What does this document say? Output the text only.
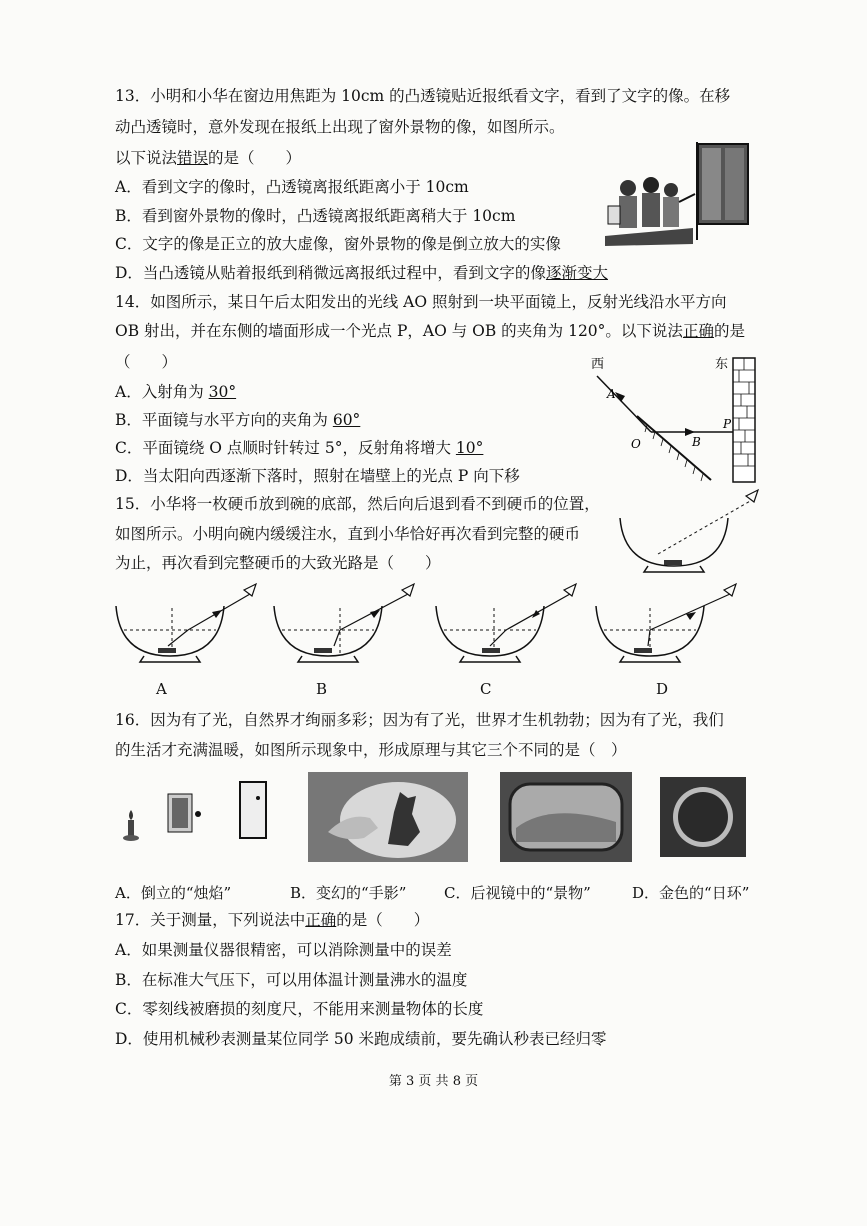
13．小明和小华在窗边用焦距为 10cm 的凸透镜贴近报纸看文字，看到了文字的像。在移
动凸透镜时，意外发现在报纸上出现了窗外景物的像，如图所示。
以下说法错误的是（　　）
A．看到文字的像时，凸透镜离报纸距离小于 10cm
B．看到窗外景物的像时，凸透镜离报纸距离稍大于 10cm
C．文字的像是正立的放大虚像，窗外景物的像是倒立放大的实像
D．当凸透镜从贴着报纸到稍微远离报纸过程中，看到文字的像逐渐变大
14．如图所示，某日午后太阳发出的光线 AO 照射到一块平面镜上，反射光线沿水平方向
OB 射出，并在东侧的墙面形成一个光点 P，AO 与 OB 的夹角为 120°。以下说法正确的是
（　　）
A．入射角为 30°
B．平面镜与水平方向的夹角为 60°
C．平面镜绕 O 点顺时针转过 5°，反射角将增大 10°
D．当太阳向西逐渐下落时，照射在墙壁上的光点 P 向下移
西	东
A
O	B
P
15．小华将一枚硬币放到碗的底部，然后向后退到看不到硬币的位置，
如图所示。小明向碗内缓缓注水，直到小华恰好再次看到完整的硬币
为止，再次看到完整硬币的大致光路是（　　）
A	B	C	D
16．因为有了光，自然界才绚丽多彩；因为有了光，世界才生机勃勃；因为有了光，我们
的生活才充满温暖，如图所示现象中，形成原理与其它三个不同的是（　）
A．倒立的“烛焰”	B．变幻的“手影”	C．后视镜中的“景物”	D．金色的“日环”
17．关于测量，下列说法中正确的是（　　）
A．如果测量仪器很精密，可以消除测量中的误差
B．在标准大气压下，可以用体温计测量沸水的温度
C．零刻线被磨损的刻度尺，不能用来测量物体的长度
D．使用机械秒表测量某位同学 50 米跑成绩前，要先确认秒表已经归零
第 3 页 共 8 页
